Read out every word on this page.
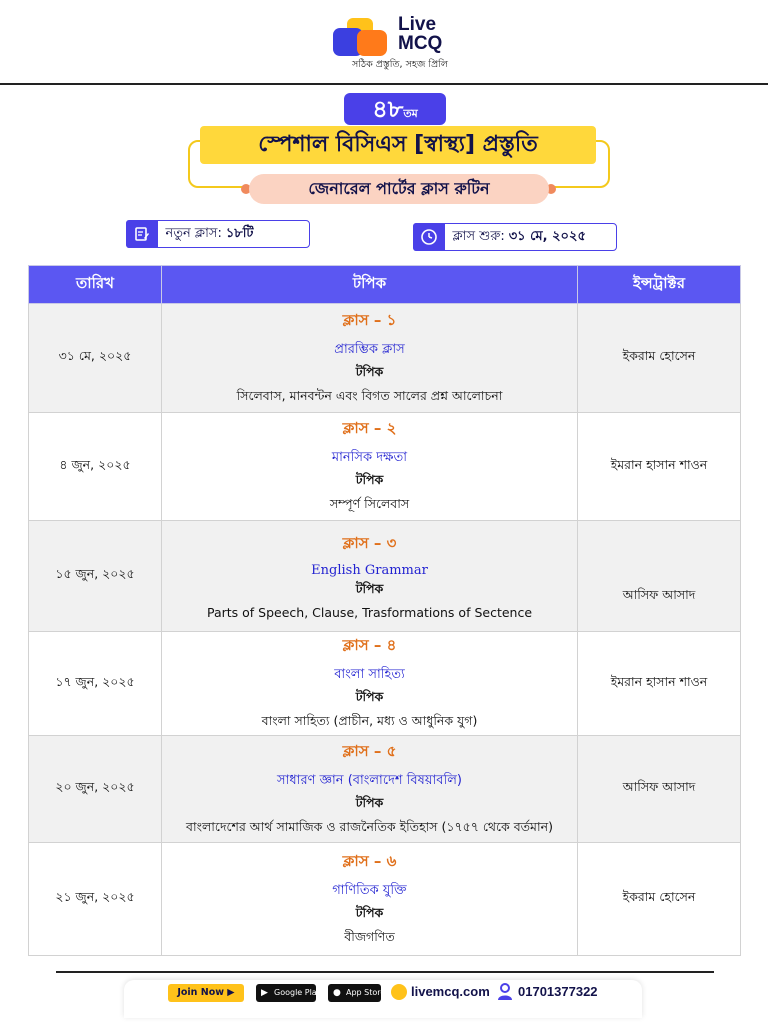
Live
MCQ
সঠিক প্রস্তুতি, সহজ প্রিলি
৪৮তম
স্পেশাল বিসিএস [স্বাস্থ্য] প্রস্তুতি
জেনারেল পার্টের ক্লাস রুটিন
নতুন ক্লাস: ১৮টি	ক্লাস শুরু: ৩১ মে, ২০২৫
তারিখ	টপিক	ইন্সট্রাক্টর
৩১ মে, ২০২৫	ক্লাস – ১
প্রারম্ভিক ক্লাস
টপিক
সিলেবাস, মানবন্টন এবং বিগত সালের প্রশ্ন আলোচনা	ইকরাম হোসেন
৪ জুন, ২০২৫	ক্লাস – ২
মানসিক দক্ষতা
টপিক
সম্পূর্ণ সিলেবাস	ইমরান হাসান শাওন
১৫ জুন, ২০২৫	ক্লাস – ৩
English Grammar
টপিক
Parts of Speech, Clause, Trasformations of Sectence	আসিফ আসাদ
১৭ জুন, ২০২৫	ক্লাস – ৪
বাংলা সাহিত্য
টপিক
বাংলা সাহিত্য (প্রাচীন, মধ্য ও আধুনিক যুগ)	ইমরান হাসান শাওন
২০ জুন, ২০২৫	ক্লাস – ৫
সাধারণ জ্ঞান (বাংলাদেশ বিষয়াবলি)
টপিক
বাংলাদেশের আর্থ সামাজিক ও রাজনৈতিক ইতিহাস (১৭৫৭ থেকে বর্তমান)	আসিফ আসাদ
২১ জুন, ২০২৫	ক্লাস – ৬
গাণিতিক যুক্তি
টপিক
বীজগণিত	ইকরাম হোসেন
Join Now ▶	▶ Google Play ● App Store livemcq.com 01701377322
